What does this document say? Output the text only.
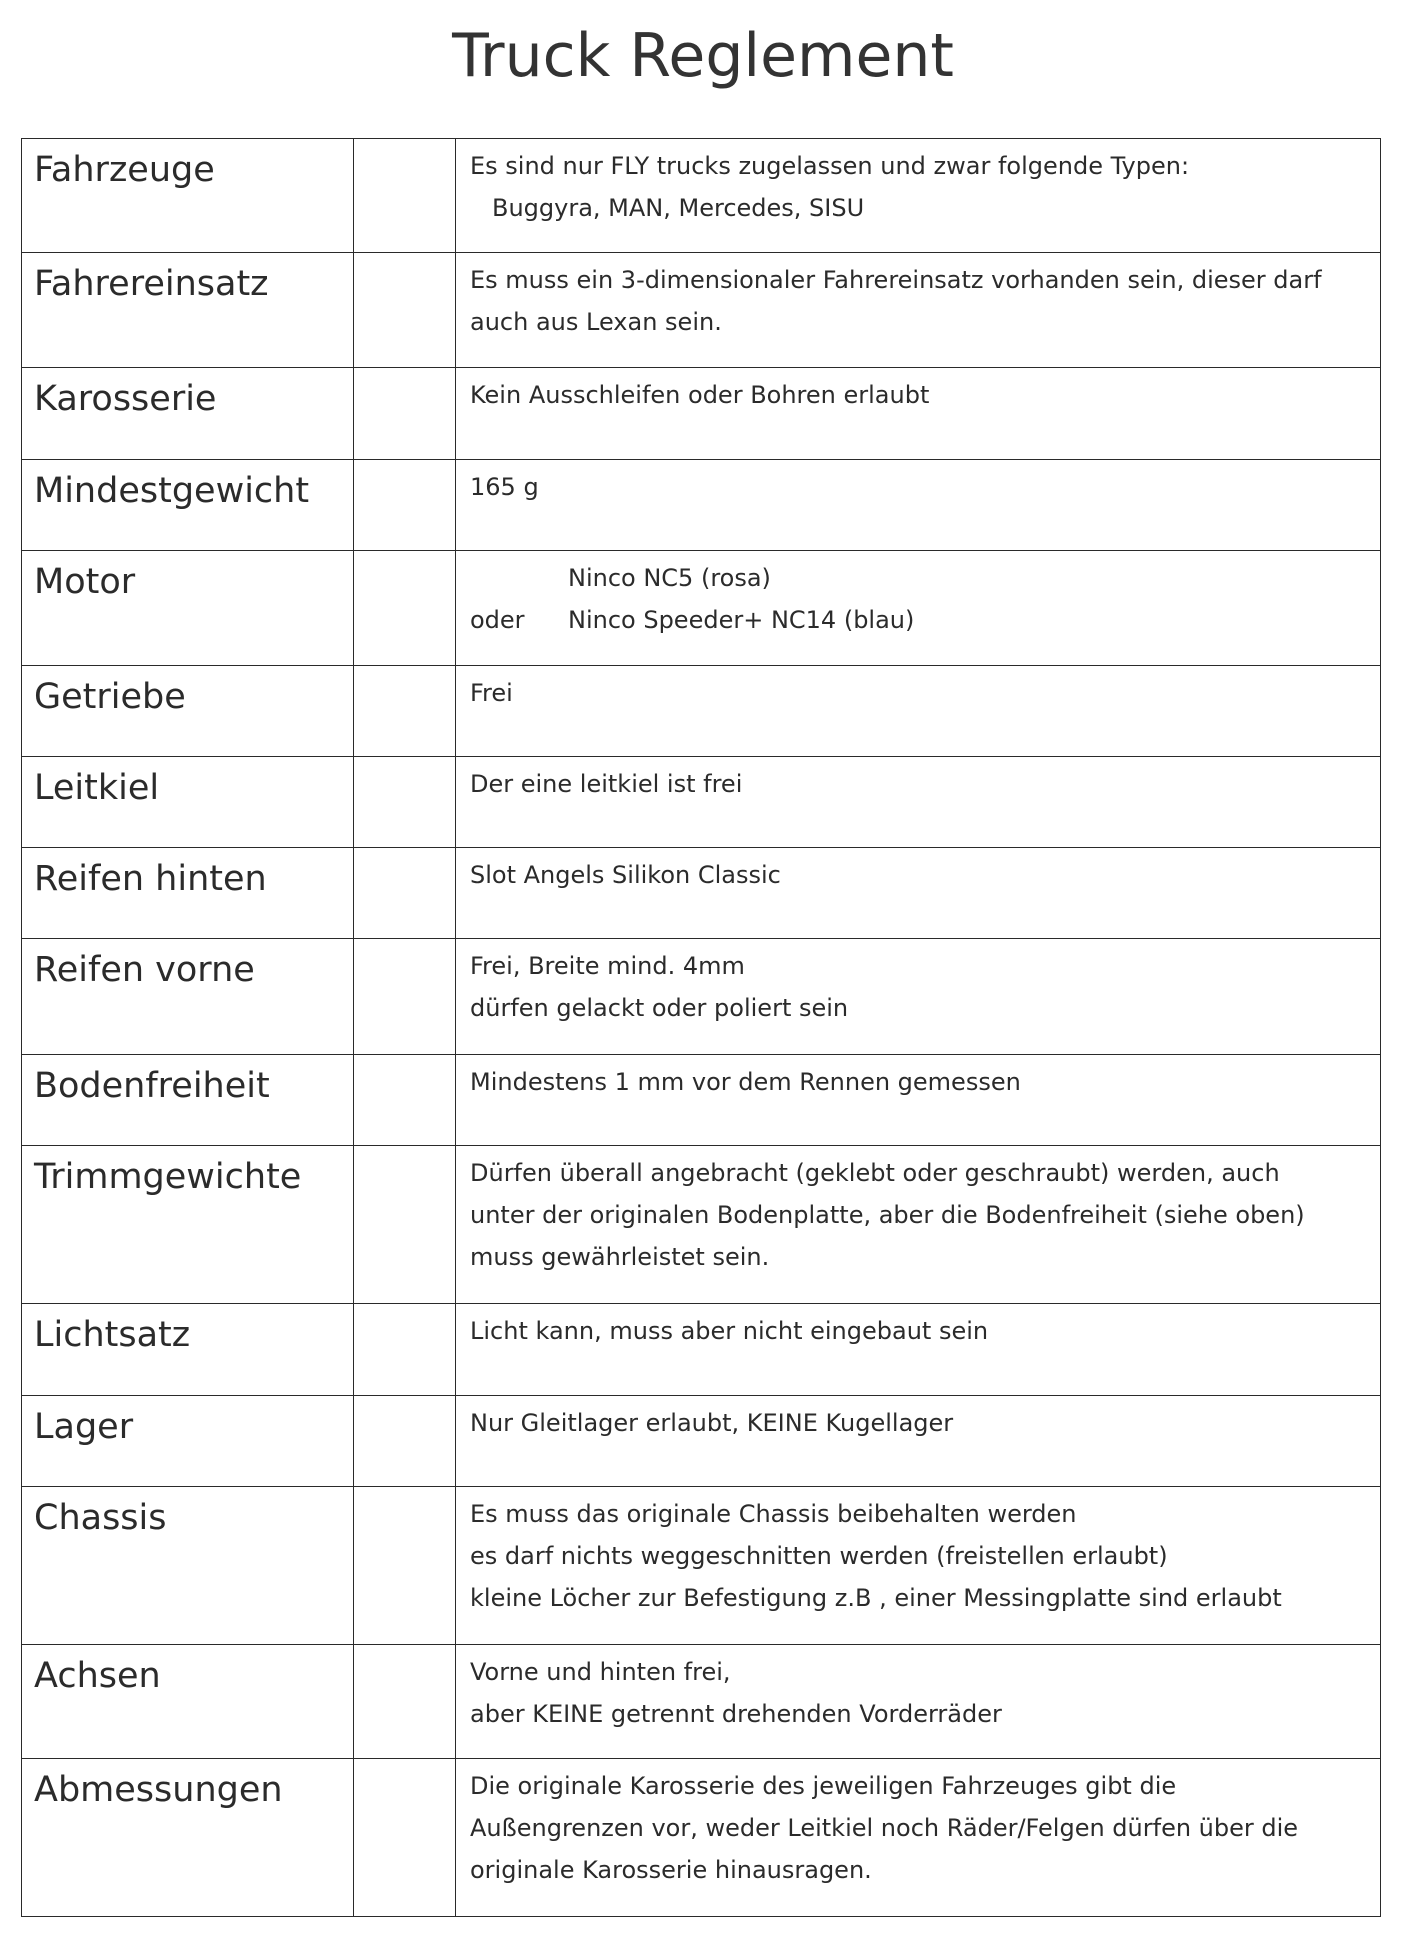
Truck Reglement
Fahrzeuge		Es sind nur FLY trucks zugelassen und zwar folgende Typen:
Buggyra, MAN, Mercedes, SISU

Fahrereinsatz		Es muss ein 3-dimensionaler Fahrereinsatz vorhanden sein, dieser darf
auch aus Lexan sein.

Karosserie		Kein Ausschleifen oder Bohren erlaubt

Mindestgewicht		165 g

Motor		Ninco NC5 (rosa)
oder Ninco Speeder+ NC14 (blau)

Getriebe		Frei

Leitkiel		Der eine leitkiel ist frei

Reifen hinten		Slot Angels Silikon Classic

Reifen vorne		Frei, Breite mind. 4mm
dürfen gelackt oder poliert sein

Bodenfreiheit		Mindestens 1 mm vor dem Rennen gemessen

Trimmgewichte		Dürfen überall angebracht (geklebt oder geschraubt) werden, auch
unter der originalen Bodenplatte, aber die Bodenfreiheit (siehe oben)
muss gewährleistet sein.

Lichtsatz		Licht kann, muss aber nicht eingebaut sein

Lager		Nur Gleitlager erlaubt, KEINE Kugellager

Chassis		Es muss das originale Chassis beibehalten werden
es darf nichts weggeschnitten werden (freistellen erlaubt)
kleine Löcher zur Befestigung z.B , einer Messingplatte sind erlaubt

Achsen		Vorne und hinten frei,
aber KEINE getrennt drehenden Vorderräder

Abmessungen		Die originale Karosserie des jeweiligen Fahrzeuges gibt die
Außengrenzen vor, weder Leitkiel noch Räder/Felgen dürfen über die
originale Karosserie hinausragen.
